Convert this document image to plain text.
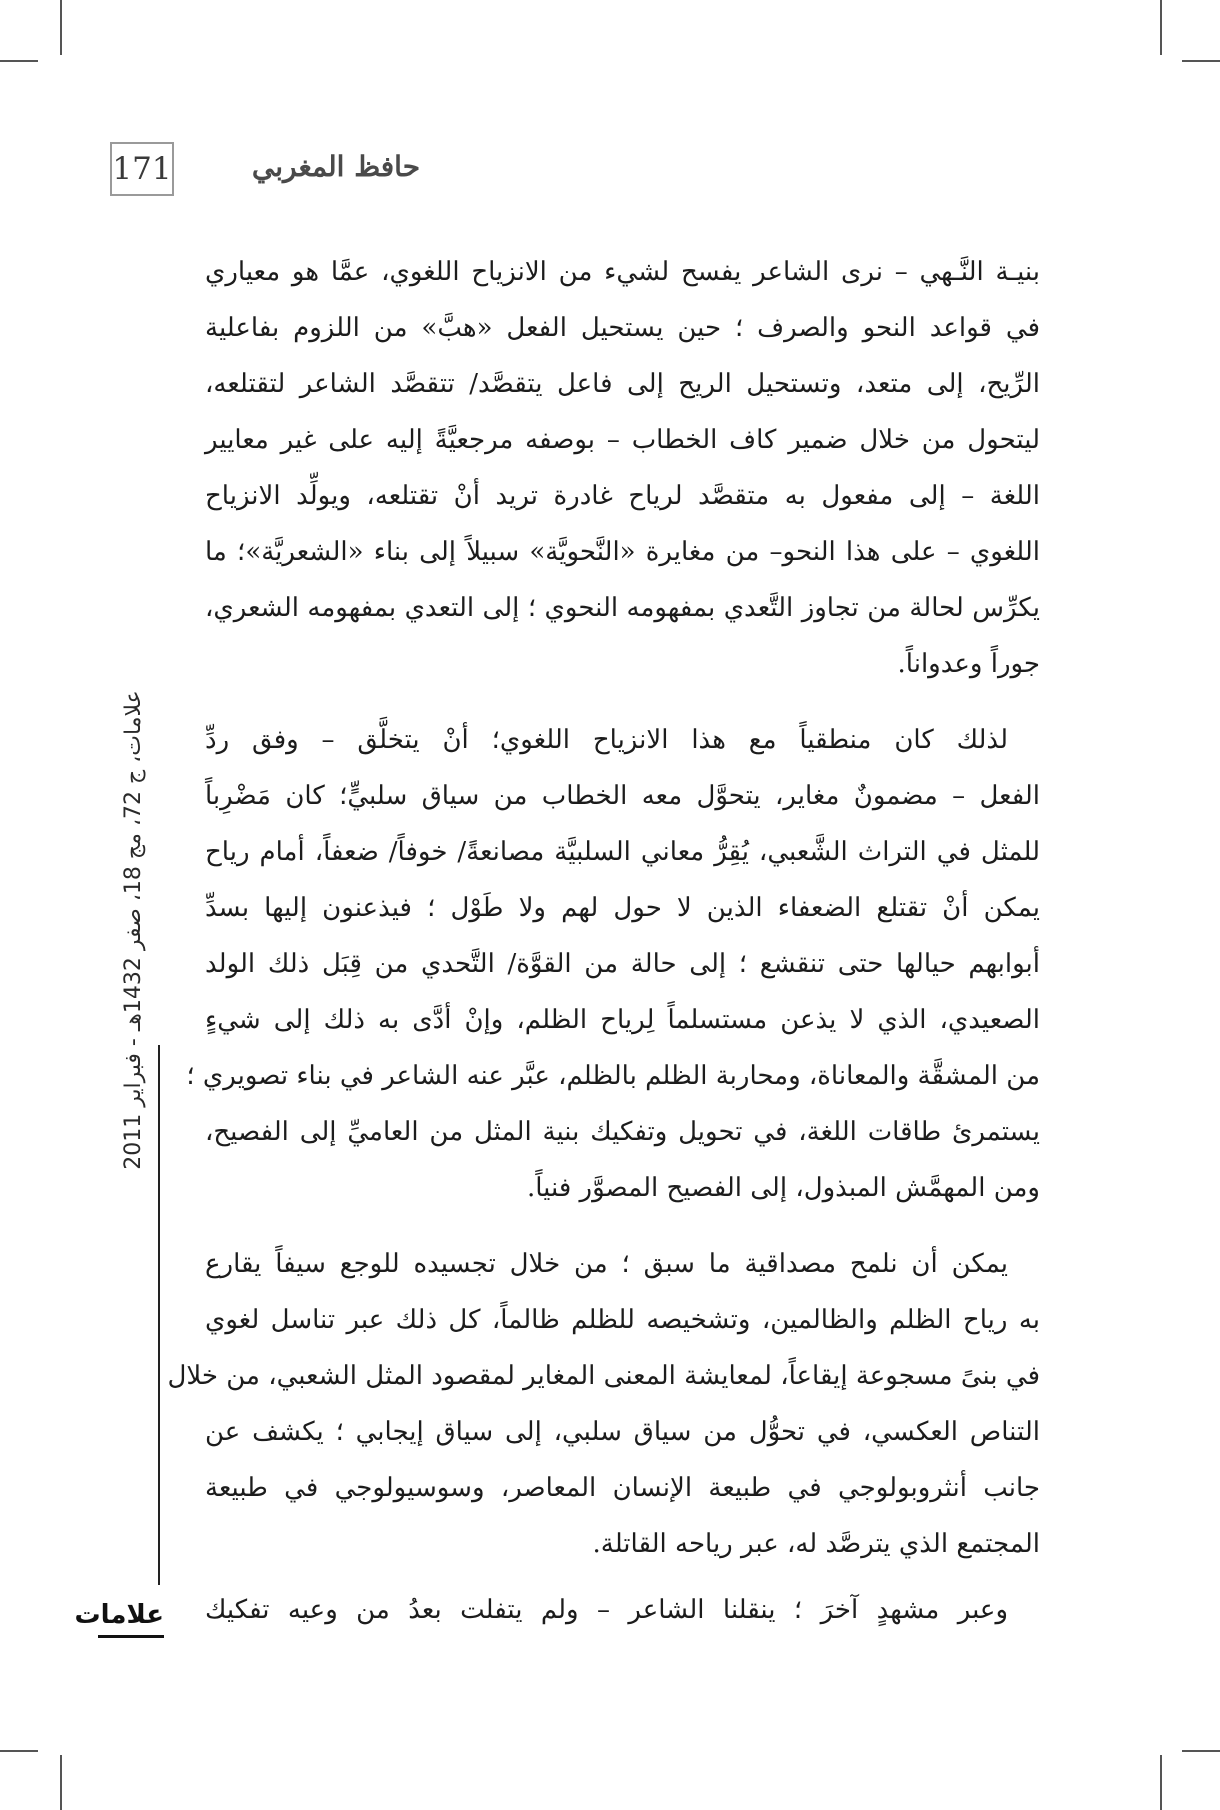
171	حافظ المغربي
بنيـة النَّـهي – نرى الشاعر يفسح لشيء من الانزياح اللغوي، عمَّا هو معياري
في قواعد النحو والصرف ؛ حين يستحيل الفعل «هبَّ» من اللزوم بفاعلية
الرِّيح، إلى متعد، وتستحيل الريح إلى فاعل يتقصَّد/ تتقصَّد الشاعر لتقتلعه،
ليتحول من خلال ضمير كاف الخطاب – بوصفه مرجعيَّةً إليه على غير معايير
اللغة – إلى مفعول به متقصَّد لرياح غادرة تريد أنْ تقتلعه، ويولِّد الانزياح
اللغوي – على هذا النحو– من مغايرة «النَّحويَّة» سبيلاً إلى بناء «الشعريَّة»؛ ما
يكرِّس لحالة من تجاوز التَّعدي بمفهومه النحوي ؛ إلى التعدي بمفهومه الشعري،
جوراً وعدواناً.
لذلك كان منطقياً مع هذا الانزياح اللغوي؛ أنْ يتخلَّق – وفق ردِّ
الفعل – مضمونٌ مغاير، يتحوَّل معه الخطاب من سياق سلبيٍّ؛ كان مَضْرِباً
للمثل في التراث الشَّعبي، يُقِرُّ معاني السلبيَّة مصانعةً/ خوفاً/ ضعفاً، أمام رياح
يمكن أنْ تقتلع الضعفاء الذين لا حول لهم ولا طَوْل ؛ فيذعنون إليها بسدِّ
أبوابهم حيالها حتى تنقشع ؛ إلى حالة من القوَّة/ التَّحدي من قِبَل ذلك الولد
الصعيدي، الذي لا يذعن مستسلماً لِرياح الظلم، وإنْ أدَّى به ذلك إلى شيءٍ
من المشقَّة والمعاناة، ومحاربة الظلم بالظلم، عبَّر عنه الشاعر في بناء تصويري ؛
يستمرئ طاقات اللغة، في تحويل وتفكيك بنية المثل من العاميِّ إلى الفصيح،
ومن المهمَّش المبذول، إلى الفصيح المصوَّر فنياً.
يمكن أن نلمح مصداقية ما سبق ؛ من خلال تجسيده للوجع سيفاً يقارع
به رياح الظلم والظالمين، وتشخيصه للظلم ظالماً، كل ذلك عبر تناسل لغوي
في بنىً مسجوعة إيقاعاً، لمعايشة المعنى المغاير لمقصود المثل الشعبي، من خلال
التناص العكسي، في تحوُّل من سياق سلبي، إلى سياق إيجابي ؛ يكشف عن
جانب أنثروبولوجي في طبيعة الإنسان المعاصر، وسوسيولوجي في طبيعة
المجتمع الذي يترصَّد له، عبر رياحه القاتلة.
وعبر مشهدٍ آخرَ ؛ ينقلنا الشاعر – ولم يتفلت بعدُ من وعيه تفكيك
علامات، ج 72، مج 18، صفر 1432هـ - فبراير 2011
علامات
